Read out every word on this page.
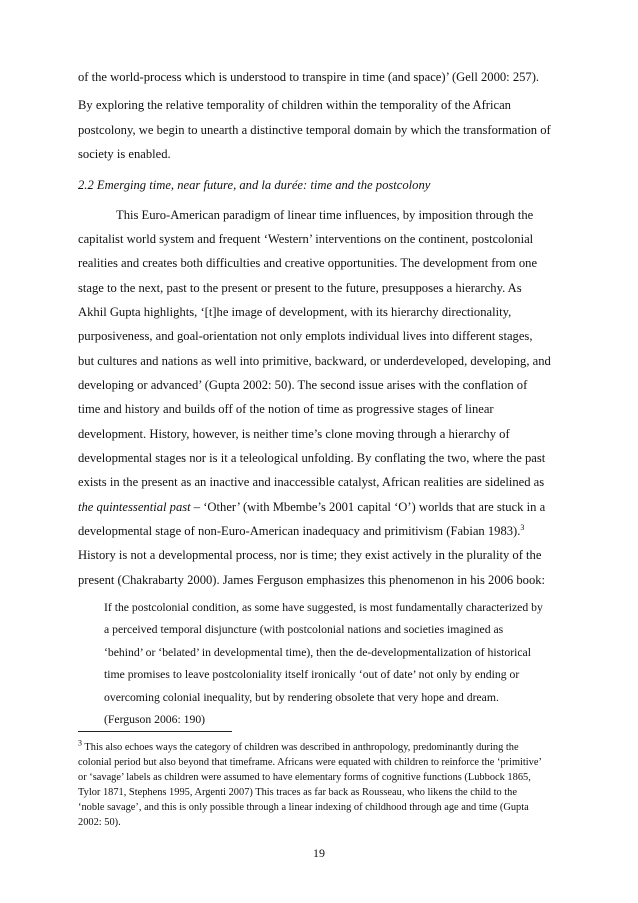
of the world-process which is understood to transpire in time (and space)’ (Gell 2000: 257).
By exploring the relative temporality of children within the temporality of the African
postcolony, we begin to unearth a distinctive temporal domain by which the transformation of
society is enabled.
2.2 Emerging time, near future, and la durée: time and the postcolony
This Euro-American paradigm of linear time influences, by imposition through the
capitalist world system and frequent ‘Western’ interventions on the continent, postcolonial
realities and creates both difficulties and creative opportunities. The development from one
stage to the next, past to the present or present to the future, presupposes a hierarchy. As
Akhil Gupta highlights, ‘[t]he image of development, with its hierarchy directionality,
purposiveness, and goal-orientation not only emplots individual lives into different stages,
but cultures and nations as well into primitive, backward, or underdeveloped, developing, and
developing or advanced’ (Gupta 2002: 50). The second issue arises with the conflation of
time and history and builds off of the notion of time as progressive stages of linear
development. History, however, is neither time’s clone moving through a hierarchy of
developmental stages nor is it a teleological unfolding. By conflating the two, where the past
exists in the present as an inactive and inaccessible catalyst, African realities are sidelined as
the quintessential past – ‘Other’ (with Mbembe’s 2001 capital ‘O’) worlds that are stuck in a
developmental stage of non-Euro-American inadequacy and primitivism (Fabian 1983).$^3$
History is not a developmental process, nor is time; they exist actively in the plurality of the
present (Chakrabarty 2000). James Ferguson emphasizes this phenomenon in his 2006 book:
If the postcolonial condition, as some have suggested, is most fundamentally characterized by
a perceived temporal disjuncture (with postcolonial nations and societies imagined as
‘behind’ or ‘belated’ in developmental time), then the de-developmentalization of historical
time promises to leave postcoloniality itself ironically ‘out of date’ not only by ending or
overcoming colonial inequality, but by rendering obsolete that very hope and dream.
(Ferguson 2006: 190)
$^3$ This also echoes ways the category of children was described in anthropology, predominantly during the
colonial period but also beyond that timeframe. Africans were equated with children to reinforce the ‘primitive’
or ‘savage’ labels as children were assumed to have elementary forms of cognitive functions (Lubbock 1865,
Tylor 1871, Stephens 1995, Argenti 2007) This traces as far back as Rousseau, who likens the child to the
‘noble savage’, and this is only possible through a linear indexing of childhood through age and time (Gupta
2002: 50).
19
